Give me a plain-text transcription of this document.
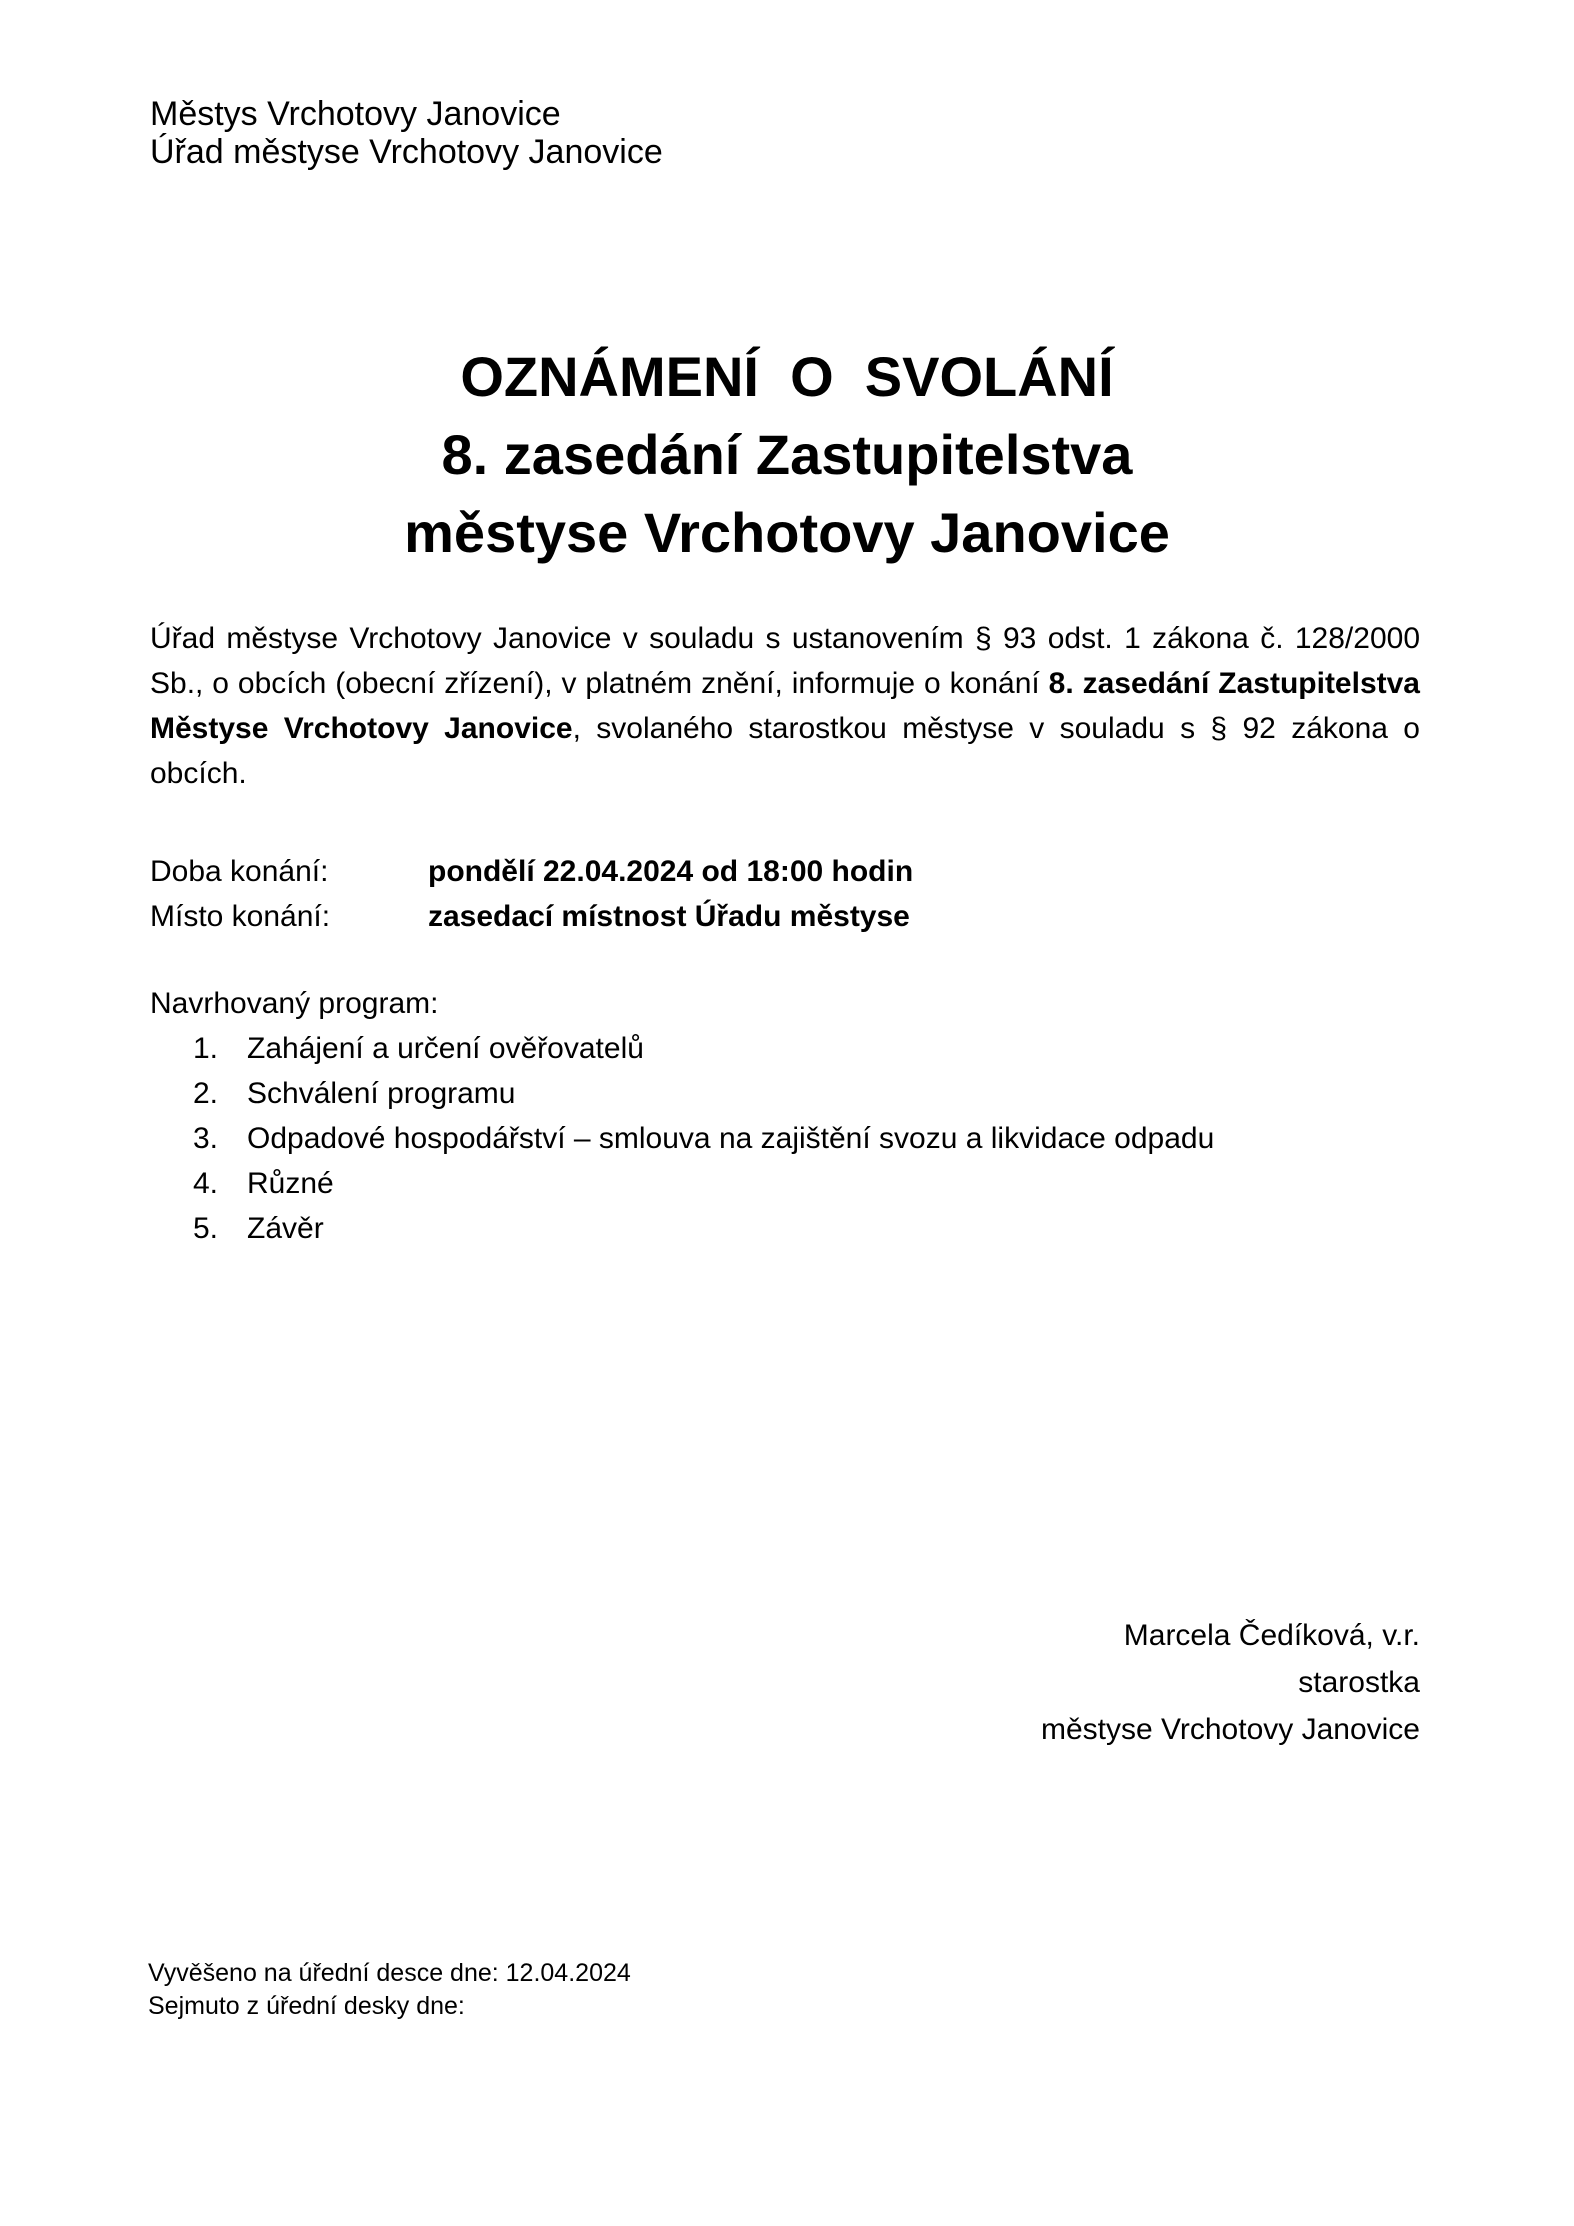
Městys Vrchotovy Janovice
Úřad městyse Vrchotovy Janovice
OZNÁMENÍ  O  SVOLÁNÍ
8. zasedání Zastupitelstva
městyse Vrchotovy Janovice

Úřad městyse Vrchotovy Janovice v souladu s ustanovením § 93 odst. 1 zákona č. 128/2000 Sb., o obcích (obecní zřízení), v platném znění, informuje o konání 8. zasedání Zastupitelstva Městyse Vrchotovy Janovice, svolaného starostkou městyse v souladu s § 92 zákona o obcích.

Doba konání:	pondělí 22.04.2024 od 18:00 hodin
Místo konání:	zasedací místnost Úřadu městyse
Navrhovaný program:
1. Zahájení a určení ověřovatelů
2. Schválení programu
3. Odpadové hospodářství – smlouva na zajištění svozu a likvidace odpadu
4. Různé
5. Závěr
Marcela Čedíková, v.r.
starostka
městyse Vrchotovy Janovice
Vyvěšeno na úřední desce dne: 12.04.2024
Sejmuto z úřední desky dne:
